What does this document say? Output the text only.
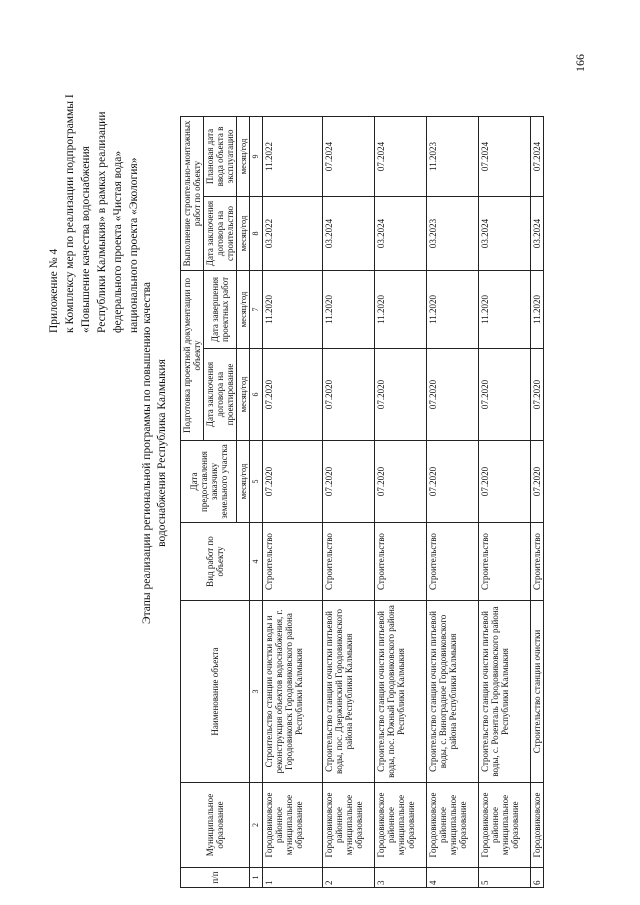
166
Приложение № 4 к Комплексу мер по реализации подпрограммы I «Повышение качества водоснабжения Республики Калмыкия» в рамках реализации федерального проекта «Чистая вода» национального проекта «Экология»
Этапы реализации региональной программы по повышению качества водоснабжения Республика Калмыкия
п/п	Муниципальное образование	Наименование объекта	Вид работ по объекту	Дата предоставления заказчику земельного участка	Подготовка проектной документации по объекту		Выполнение строительно-монтажных работ по объекту		
					Дата заключения договора на проектирование	Дата завершения проектных работ	Дата заключения договора на строительство	Плановая дата ввода объекта в эксплуатацию	
				месяц/год	месяц/год	месяц/год	месяц/год	месяц/год	
1	2	3	4	5	6	7	8	9	
1	Городовиковское районное муниципальное образование	Строительство станции очистки воды и реконструкция объектов водоснабжения, г. Городовиковск Городовиковского района Республики Калмыкия	Строительство	07.2020	07.2020	11.2020	03.2022	11.2022	
2	Городовиковское районное муниципальное образование	Строительство станции очистки питьевой воды, пос. Дзержинский Городовиковского района Республики Калмыкия	Строительство	07.2020	07.2020	11.2020	03.2024	07.2024	
3	Городовиковское районное муниципальное образование	Строительство станции очистки питьевой воды, пос. Южный Городовиковского района Республики Калмыкия	Строительство	07.2020	07.2020	11.2020	03.2024	07.2024	
4	Городовиковское районное муниципальное образование	Строительство станции очистки питьевой воды, с. Виноградное Городовиковского района Республики Калмыкия	Строительство	07.2020	07.2020	11.2020	03.2023	11.2023	
5	Городовиковское районное муниципальное образование	Строительство станции очистки питьевой воды, с. Розенталь Городовиковского района Республики Калмыкия	Строительство	07.2020	07.2020	11.2020	03.2024	07.2024	
6	Городовиковское	Строительство станции очистки	Строительство	07.2020	07.2020	11.2020	03.2024	07.2024	
